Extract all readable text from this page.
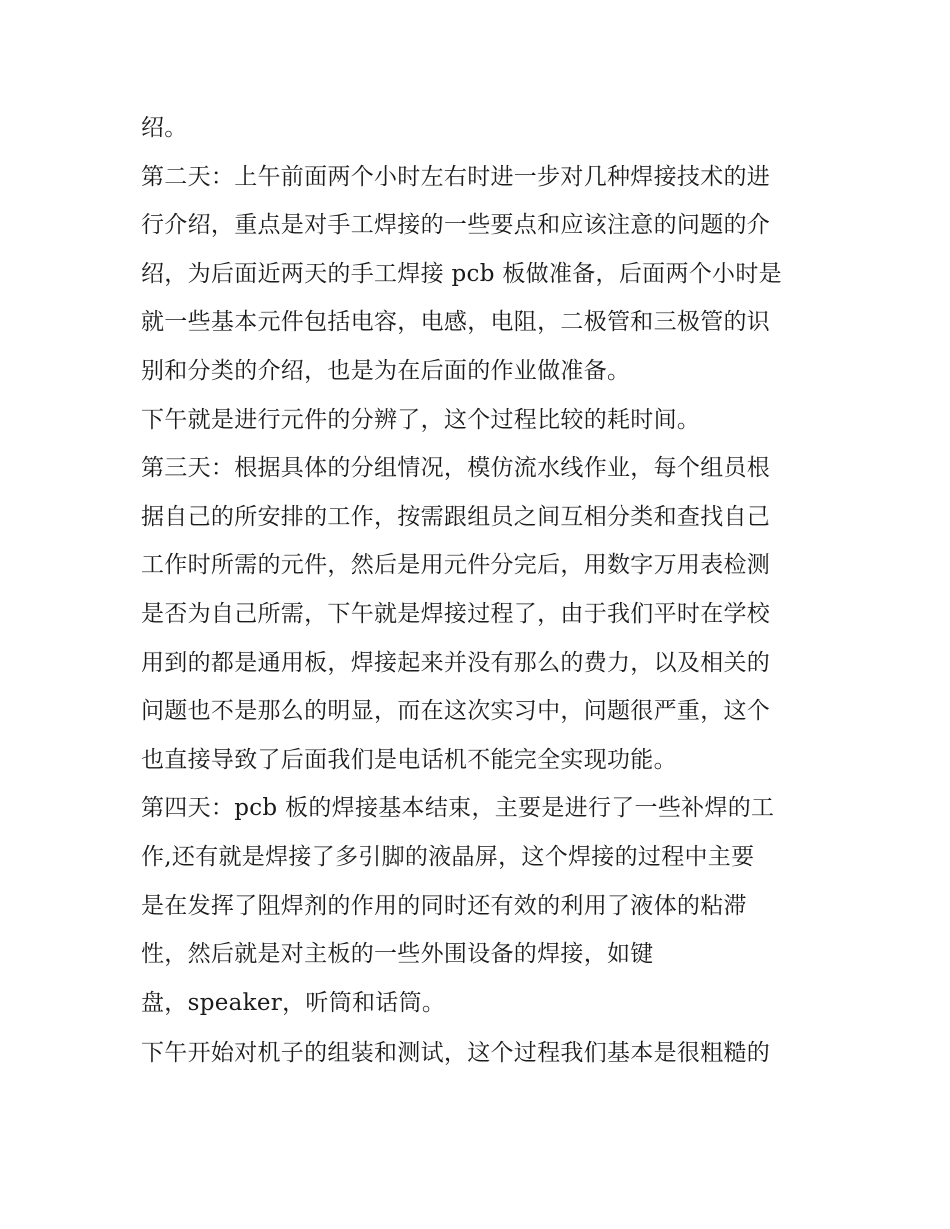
绍。

第二天：上午前面两个小时左右时进一步对几种焊接技术的进

行介绍，重点是对手工焊接的一些要点和应该注意的问题的介

绍，为后面近两天的手工焊接 pcb 板做准备，后面两个小时是

就一些基本元件包括电容，电感，电阻，二极管和三极管的识

别和分类的介绍，也是为在后面的作业做准备。

下午就是进行元件的分辨了，这个过程比较的耗时间。

第三天：根据具体的分组情况，模仿流水线作业，每个组员根

据自己的所安排的工作，按需跟组员之间互相分类和查找自己

工作时所需的元件，然后是用元件分完后，用数字万用表检测

是否为自己所需，下午就是焊接过程了，由于我们平时在学校

用到的都是通用板，焊接起来并没有那么的费力，以及相关的

问题也不是那么的明显，而在这次实习中，问题很严重，这个

也直接导致了后面我们是电话机不能完全实现功能。

第四天：pcb 板的焊接基本结束，主要是进行了一些补焊的工

作,还有就是焊接了多引脚的液晶屏，这个焊接的过程中主要

是在发挥了阻焊剂的作用的同时还有效的利用了液体的粘滞

性，然后就是对主板的一些外围设备的焊接，如键

盘，speaker，听筒和话筒。

下午开始对机子的组装和测试，这个过程我们基本是很粗糙的
